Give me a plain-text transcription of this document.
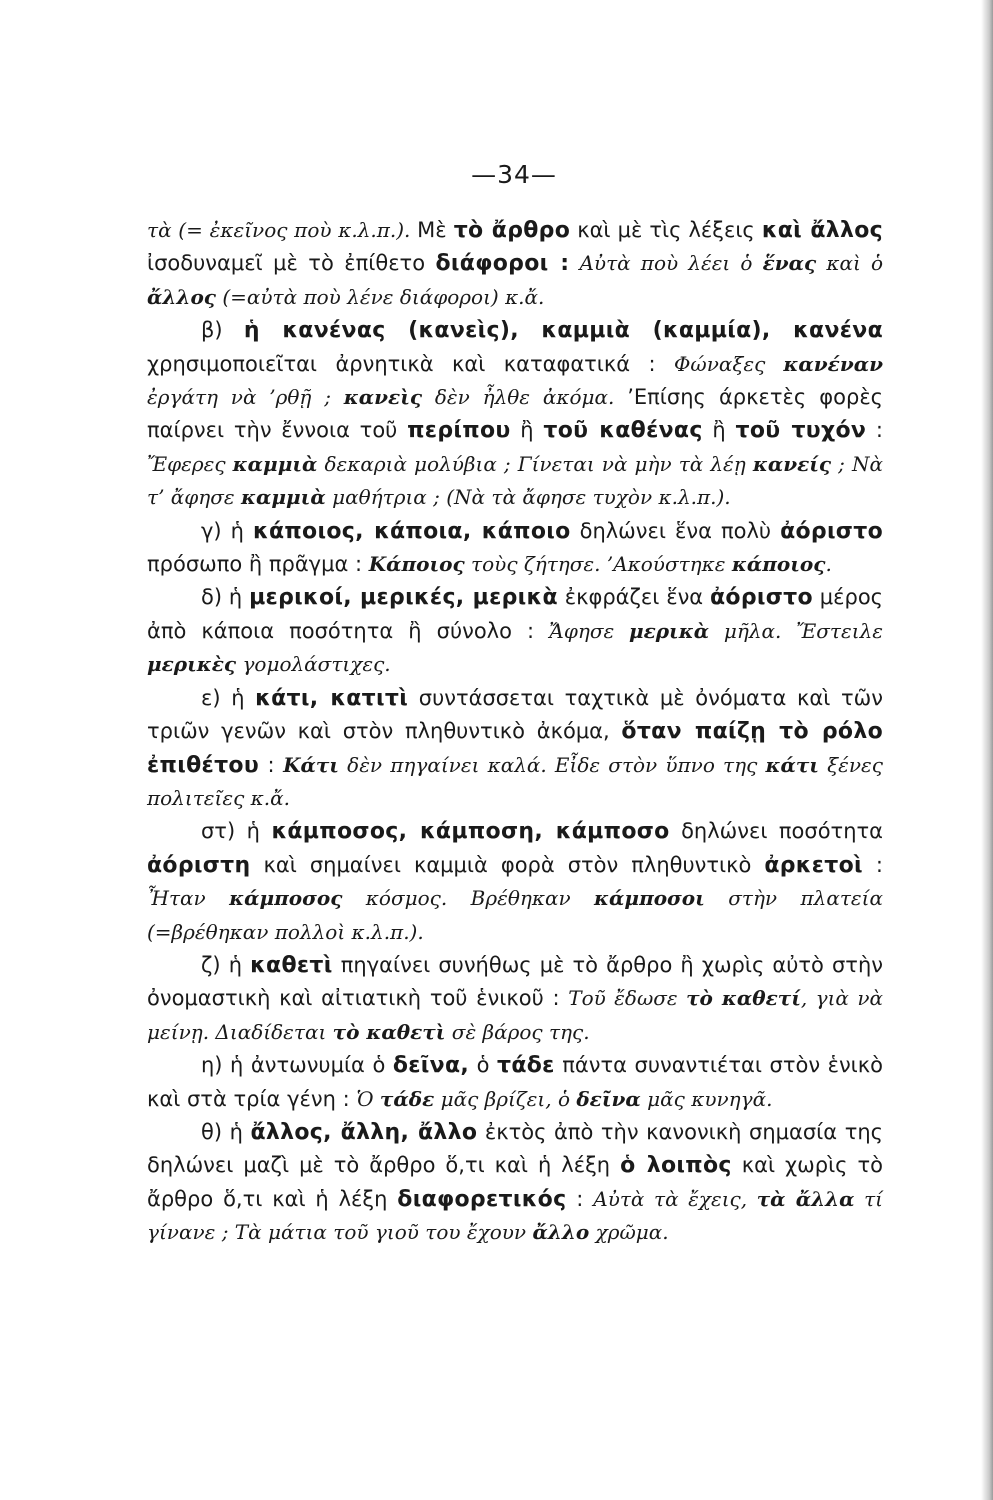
—34—

τὰ (= ἐκεῖνος ποὺ κ.λ.π.). Μὲ τὸ ἄρθρο καὶ μὲ τὶς λέξεις καὶ ἄλλος ἰσοδυναμεῖ μὲ τὸ ἐπίθετο διάφοροι : Αὐτὰ ποὺ λέει ὁ ἕνας καὶ ὁ ἄλλος (=αὐτὰ ποὺ λένε διάφοροι) κ.ἄ.

β) ἡ κανένας (κανεὶς), καμμιὰ (καμμία), κανένα χρησιμοποιεῖται ἀρνητικὰ καὶ καταφατικά : Φώναξες κανέναν ἐργάτη νὰ ’ρθῇ ; κανεὶς δὲν ἦλθε ἀκόμα. ’Επίσης άρκετὲς φορὲς παίρνει τὴν ἔννοια τοῦ περίπου ἢ τοῦ καθένας ἢ τοῦ τυχόν : Ἔφερες καμμιὰ δεκαριὰ μολύβια ; Γίνεται νὰ μὴν τὰ λέῃ κανείς ; Νὰ τ’ ἄφησε καμμιὰ μαθήτρια ; (Νὰ τὰ ἄφησε τυχὸν κ.λ.π.).

γ) ἡ κάποιος, κάποια, κάποιο δηλώνει ἕνα πολὺ ἀόριστο πρόσωπο ἢ πρᾶγμα : Κάποιος τοὺς ζήτησε. ’Ακούστηκε κάποιος.

δ) ἡ μερικοί, μερικές, μερικὰ ἐκφράζει ἕνα ἀόριστο μέρος ἀπὸ κάποια ποσότητα ἢ σύνολο : Ἄφησε μερικὰ μῆλα. Ἔστειλε μερικὲς γομολάστιχες.

ε) ἡ κάτι, κατιτὶ συντάσσεται ταχτικὰ μὲ ὀνόματα καὶ τῶν τριῶν γενῶν καὶ στὸν πληθυντικὸ ἀκόμα, ὅταν παίζῃ τὸ ρόλο ἐπιθέτου : Κάτι δὲν πηγαίνει καλά. Εἶδε στὸν ὕπνο της κάτι ξένες πολιτεῖες κ.ἄ.

στ) ἡ κάμποσος, κάμποση, κάμποσο δηλώνει ποσότητα ἀόριστη καὶ σημαίνει καμμιὰ φορὰ στὸν πληθυντικὸ ἀρκετοὶ : Ἦταν κάμποσος κόσμος. Βρέθηκαν κάμποσοι στὴν πλατεία (=βρέθηκαν πολλοὶ κ.λ.π.).

ζ) ἡ καθετὶ πηγαίνει συνήθως μὲ τὸ ἄρθρο ἢ χωρὶς αὐτὸ στὴν ὀνομαστικὴ καὶ αἰτιατικὴ τοῦ ἑνικοῦ : Τοῦ ἔδωσε τὸ καθετί, γιὰ νὰ μείνῃ. Διαδίδεται τὸ καθετὶ σὲ βάρος της.

η) ἡ ἀντωνυμία ὁ δεῖνα, ὁ τάδε πάντα συναντιέται στὸν ἑνικὸ καὶ στὰ τρία γένη : Ὁ τάδε μᾶς βρίζει, ὁ δεῖνα μᾶς κυνηγᾶ.

θ) ἡ ἄλλος, ἄλλη, ἄλλο ἐκτὸς ἀπὸ τὴν κανονικὴ σημασία της δηλώνει μαζὶ μὲ τὸ ἄρθρο ὅ,τι καὶ ἡ λέξη ὁ λοιπὸς καὶ χωρὶς τὸ ἄρθρο ὅ,τι καὶ ἡ λέξη διαφορετικός : Αὐτὰ τὰ ἔχεις, τὰ ἄλλα τί γίνανε ; Τὰ μάτια τοῦ γιοῦ του ἔχουν ἄλλο χρῶμα.
